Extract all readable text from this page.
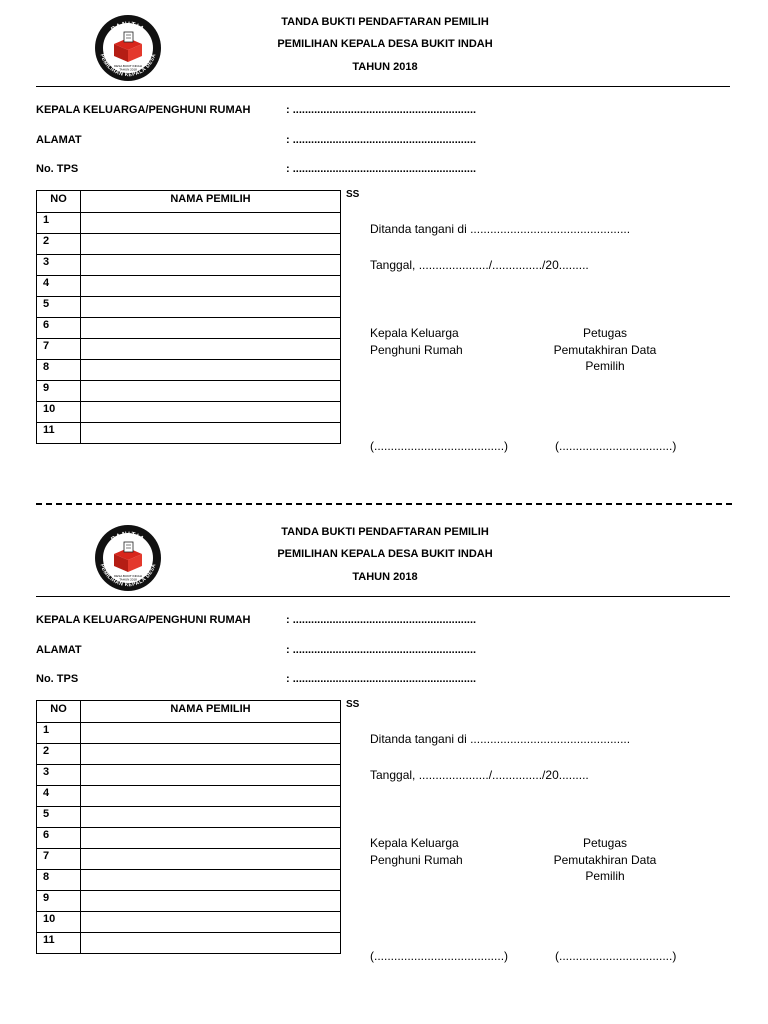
PANITIA
PEMILIHAN KEPALA DESA
DESA BUKIT INDAH
TAHUN 2018
TANDA BUKTI PENDAFTARAN PEMILIH
PEMILIHAN KEPALA DESA BUKIT INDAH
TAHUN 2018
KEPALA KELUARGA/PENGHUNI RUMAH	: ............................................................
ALAMAT	: ............................................................
No. TPS	: ............................................................
NO	NAMA PEMILIH
1	
2	
3	
4	
5	
6	
7	
8	
9	
10	
11	
SS
Ditanda tangani di ................................................
Tanggal, ...................../.............../20.........
Kepala Keluarga
Penghuni Rumah
Petugas
Pemutakhiran Data
Pemilih
(.......................................)	(..................................)
PANITIA
PEMILIHAN KEPALA DESA
DESA BUKIT INDAH
TAHUN 2018
TANDA BUKTI PENDAFTARAN PEMILIH
PEMILIHAN KEPALA DESA BUKIT INDAH
TAHUN 2018
KEPALA KELUARGA/PENGHUNI RUMAH	: ............................................................
ALAMAT	: ............................................................
No. TPS	: ............................................................
NO	NAMA PEMILIH
1	
2	
3	
4	
5	
6	
7	
8	
9	
10	
11	
SS
Ditanda tangani di ................................................
Tanggal, ...................../.............../20.........
Kepala Keluarga
Penghuni Rumah
Petugas
Pemutakhiran Data
Pemilih
(.......................................)	(..................................)
